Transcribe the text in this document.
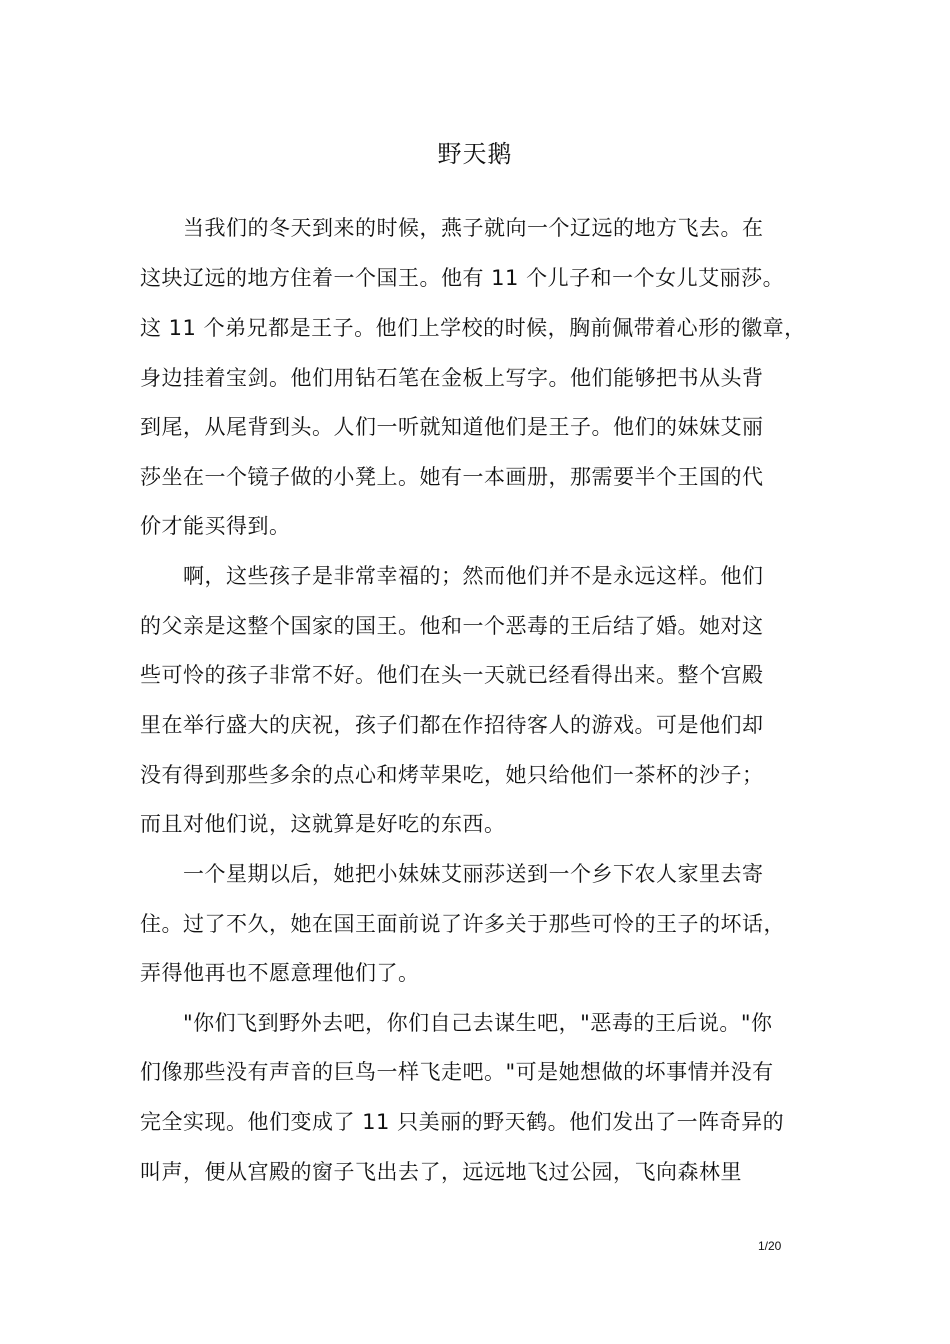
野天鹅
　　当我们的冬天到来的时候，燕子就向一个辽远的地方飞去。在
这块辽远的地方住着一个国王。他有 11 个儿子和一个女儿艾丽莎。
这 11 个弟兄都是王子。他们上学校的时候，胸前佩带着心形的徽章，
身边挂着宝剑。他们用钻石笔在金板上写字。他们能够把书从头背
到尾，从尾背到头。人们一听就知道他们是王子。他们的妹妹艾丽
莎坐在一个镜子做的小凳上。她有一本画册，那需要半个王国的代
价才能买得到。
　　啊，这些孩子是非常幸福的；然而他们并不是永远这样。他们
的父亲是这整个国家的国王。他和一个恶毒的王后结了婚。她对这
些可怜的孩子非常不好。他们在头一天就已经看得出来。整个宫殿
里在举行盛大的庆祝，孩子们都在作招待客人的游戏。可是他们却
没有得到那些多余的点心和烤苹果吃，她只给他们一茶杯的沙子；
而且对他们说，这就算是好吃的东西。
　　一个星期以后，她把小妹妹艾丽莎送到一个乡下农人家里去寄
住。过了不久，她在国王面前说了许多关于那些可怜的王子的坏话，
弄得他再也不愿意理他们了。
　　"你们飞到野外去吧，你们自己去谋生吧，"恶毒的王后说。"你
们像那些没有声音的巨鸟一样飞走吧。"可是她想做的坏事情并没有
完全实现。他们变成了 11 只美丽的野天鹤。他们发出了一阵奇异的
叫声，便从宫殿的窗子飞出去了，远远地飞过公园，飞向森林里
1/20
